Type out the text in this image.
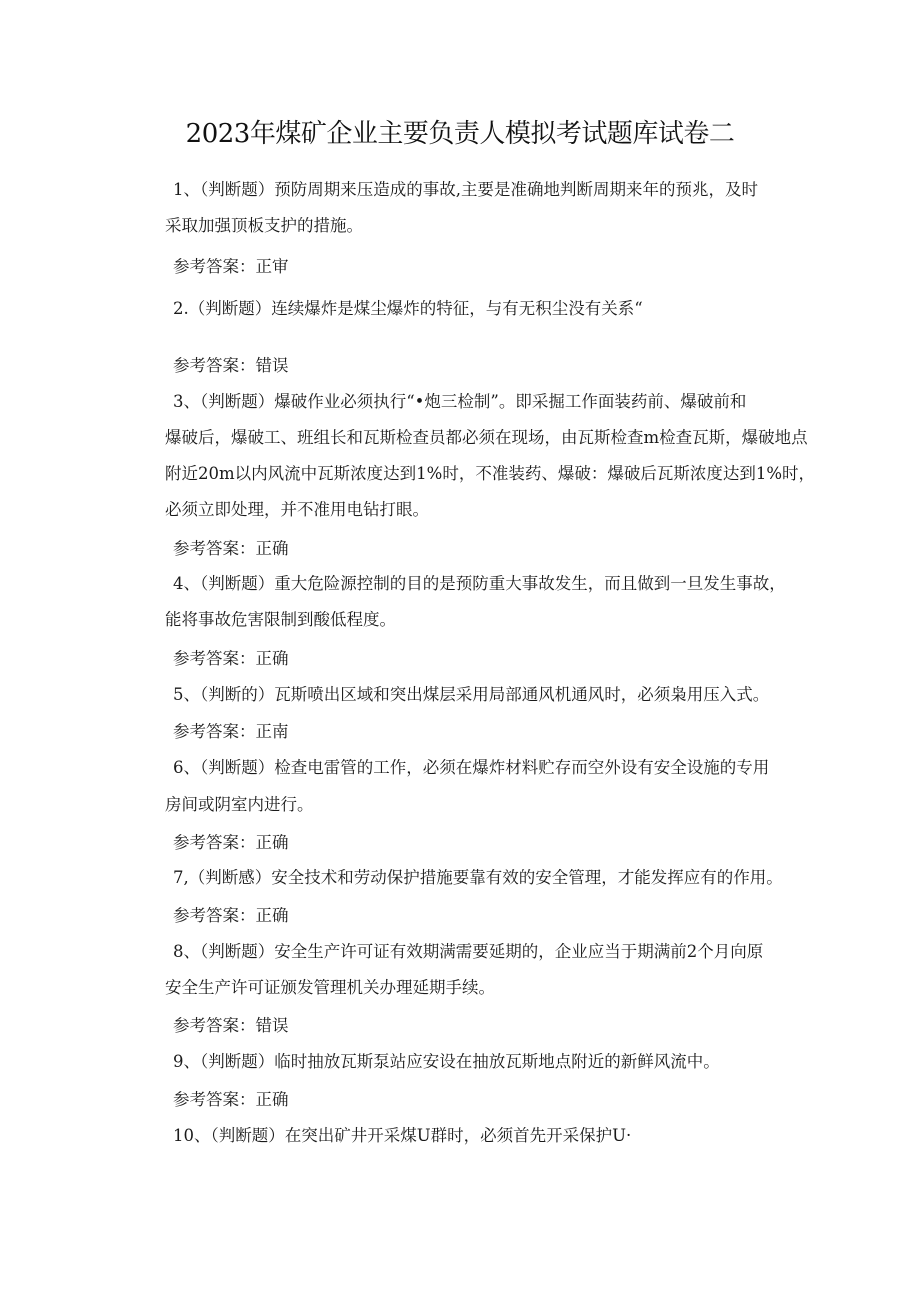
2023年煤矿企业主要负责人模拟考试题库试卷二
1、（判断题）预防周期来压造成的事故,主要是准确地判断周期来年的预兆，及时
采取加强顶板支护的措施。
参考答案：正审
2.（判断题）连续爆炸是煤尘爆炸的特征，与有无积尘没有关系“
参考答案：错误
3、（判断题）爆破作业必须执行“•炮三检制”。即采掘工作面装药前、爆破前和
爆破后，爆破工、班组长和瓦斯检查员都必须在现场，由瓦斯检查m检查瓦斯，爆破地点
附近20m以内风流中瓦斯浓度达到1%时，不准装药、爆破：爆破后瓦斯浓度达到1%时，
必须立即处理，并不准用电钻打眼。
参考答案：正确
4、（判断题）重大危险源控制的目的是预防重大事故发生，而且做到一旦发生事故，
能将事故危害限制到酸低程度。
参考答案：正确
5、（判断的）瓦斯喷出区域和突出煤层采用局部通风机通风时，必须枭用压入式。
参考答案：正南
6、（判断题）检查电雷管的工作，必须在爆炸材料贮存而空外设有安全设施的专用
房间或阴室内进行。
参考答案：正确
7,（判断感）安全技术和劳动保护措施要靠有效的安全管理，才能发挥应有的作用。
参考答案：正确
8、（判断题）安全生产许可证有效期满需要延期的，企业应当于期满前2个月向原
安全生产许可证颁发管理机关办理延期手续。
参考答案：错误
9、（判断题）临时抽放瓦斯泵站应安设在抽放瓦斯地点附近的新鲜风流中。
参考答案：正确
10、（判断题）在突出矿井开采煤U群时，必须首先开采保护U·
